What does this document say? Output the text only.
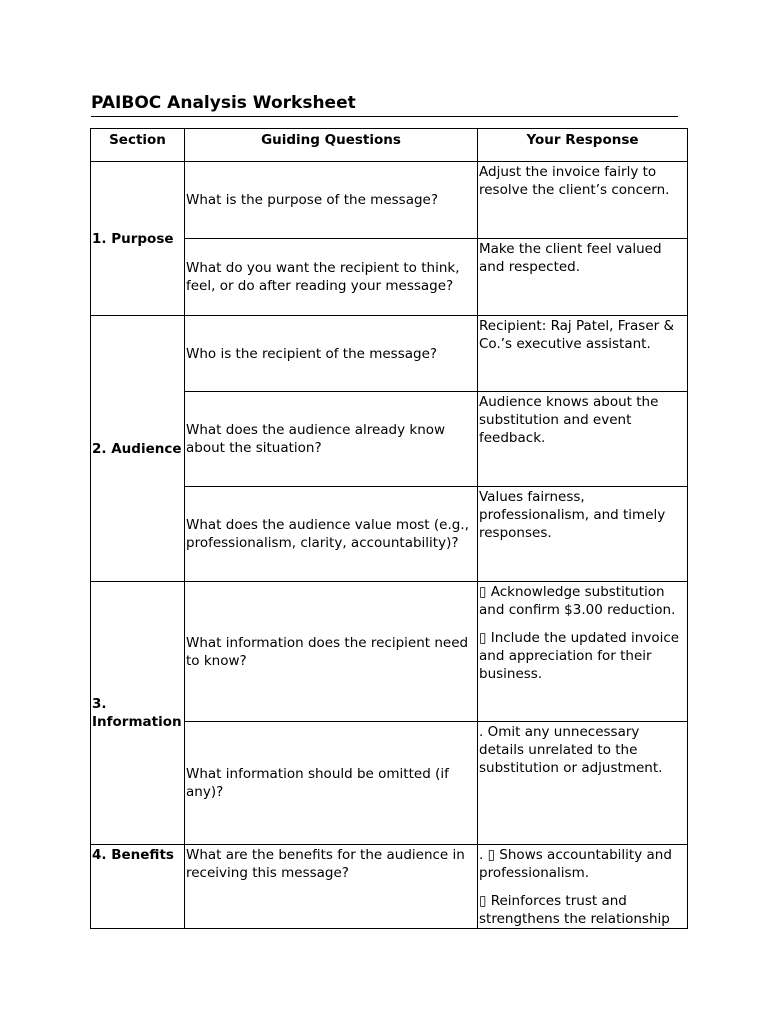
PAIBOC Analysis Worksheet
Section	Guiding Questions	Your Response
1. Purpose	What is the purpose of the message?	Adjust the invoice fairly to resolve the client’s concern.

	What do you want the recipient to think, feel, or do after reading your message?	Make the client feel valued and respected.

2. Audience	Who is the recipient of the message?	Recipient: Raj Patel, Fraser & Co.’s executive assistant.

	What does the audience already know about the situation?	Audience knows about the substitution and event feedback.

	What does the audience value most (e.g., professionalism, clarity, accountability)?	Values fairness, professionalism, and timely responses.

3. Information	What information does the recipient need to know?	▯ Acknowledge substitution and confirm $3.00 reduction.

▯ Include the updated invoice and appreciation for their business.

	What information should be omitted (if any)?	. Omit any unnecessary details unrelated to the substitution or adjustment.

4. Benefits	What are the benefits for the audience in receiving this message?	. ▯ Shows accountability and professionalism.

▯ Reinforces trust and strengthens the relationship
